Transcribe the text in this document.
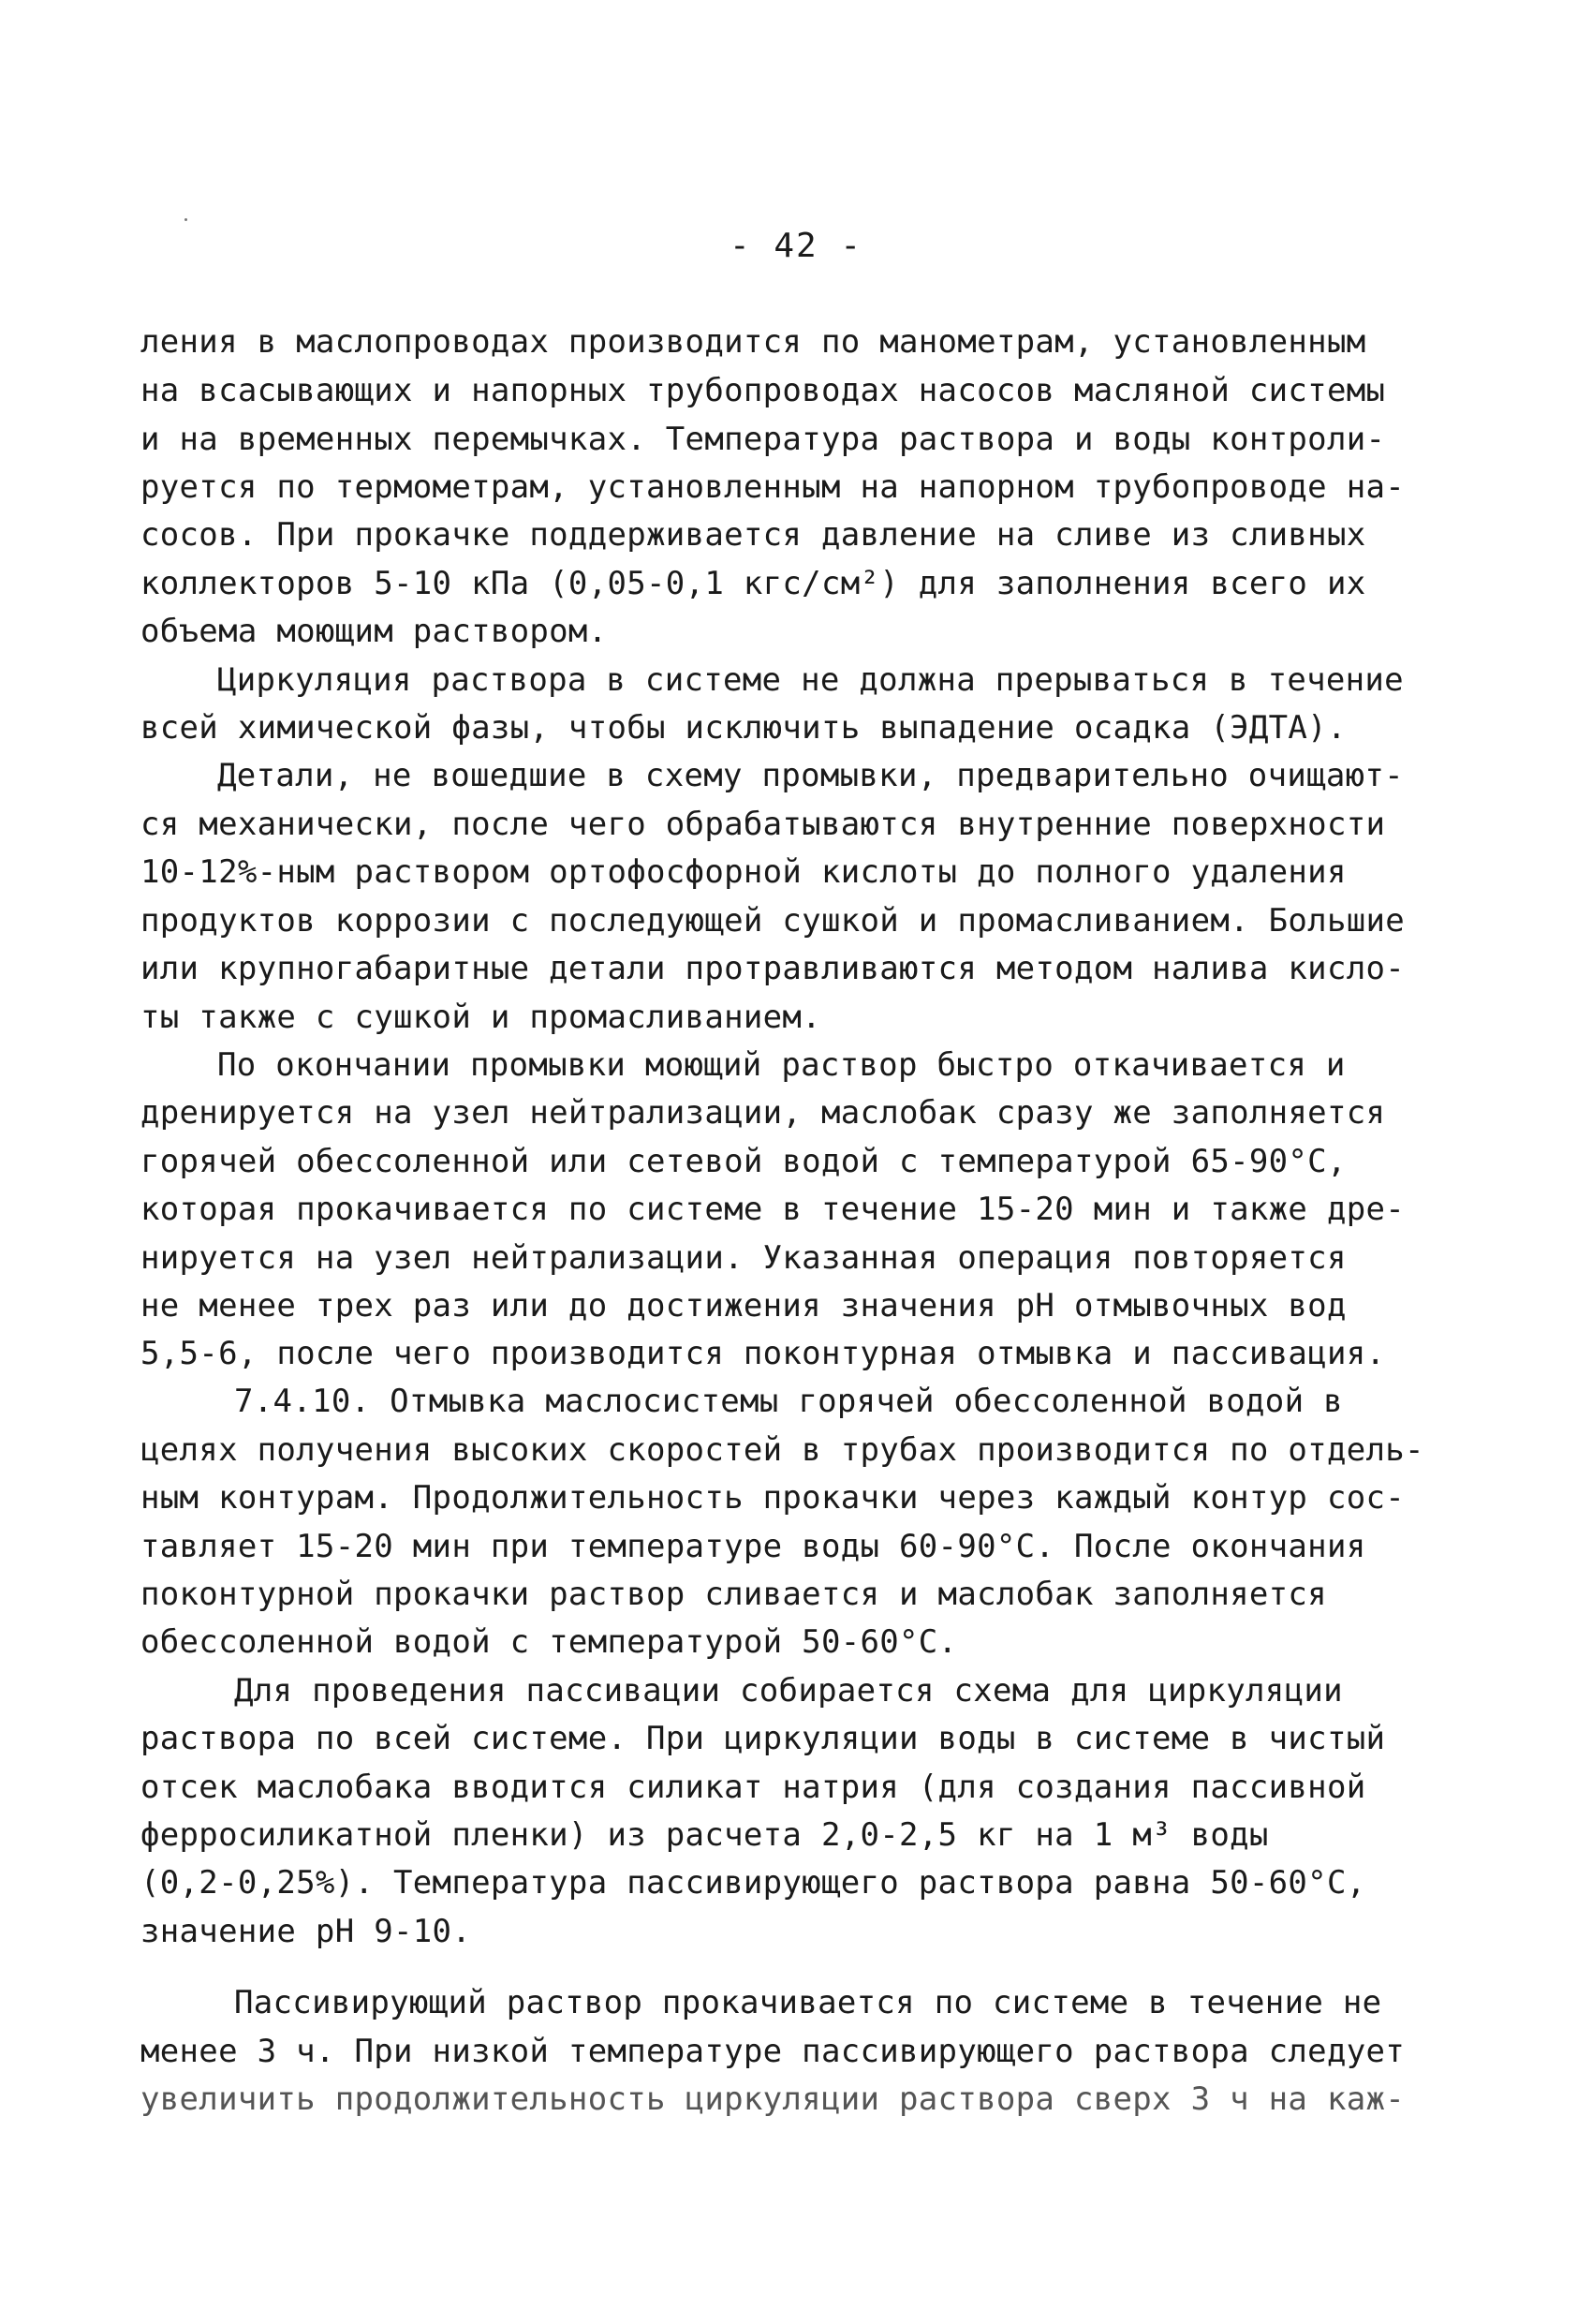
- 42 -
ления в маслопроводах производится по манометрам, установленным
на всасывающих и напорных трубопроводах насосов масляной системы
и на временных перемычках. Температура раствора и воды контроли-
руется по термометрам, установленным на напорном трубопроводе на-
сосов. При прокачке поддерживается давление на сливе из сливных
коллекторов 5-10 кПа (0,05-0,1 кгс/см²) для заполнения всего их
объема моющим раствором.
Циркуляция раствора в системе не должна прерываться в течение
всей химической фазы, чтобы исключить выпадение осадка (ЭДТА).
Детали, не вошедшие в схему промывки, предварительно очищают-
ся механически, после чего обрабатываются внутренние поверхности
10-12%-ным раствором ортофосфорной кислоты до полного удаления
продуктов коррозии с последующей сушкой и промасливанием. Большие
или крупногабаритные детали протравливаются методом налива кисло-
ты также с сушкой и промасливанием.
По окончании промывки моющий раствор быстро откачивается и
дренируется на узел нейтрализации, маслобак сразу же заполняется
горячей обессоленной или сетевой водой с температурой 65-90°С,
которая прокачивается по системе в течение 15-20 мин и также дре-
нируется на узел нейтрализации. Указанная операция повторяется
не менее трех раз или до достижения значения рН отмывочных вод
5,5-6, после чего производится поконтурная отмывка и пассивация.
7.4.10. Отмывка маслосистемы горячей обессоленной водой в
целях получения высоких скоростей в трубах производится по отдель-
ным контурам. Продолжительность прокачки через каждый контур сос-
тавляет 15-20 мин при температуре воды 60-90°С. После окончания
поконтурной прокачки раствор сливается и маслобак заполняется
обессоленной водой с температурой 50-60°С.
Для проведения пассивации собирается схема для циркуляции
раствора по всей системе. При циркуляции воды в системе в чистый
отсек маслобака вводится силикат натрия (для создания пассивной
ферросиликатной пленки) из расчета 2,0-2,5 кг на 1 м³ воды
(0,2-0,25%). Температура пассивирующего раствора равна 50-60°С,
значение рН 9-10.
Пассивирующий раствор прокачивается по системе в течение не
менее 3 ч. При низкой температуре пассивирующего раствора следует
увеличить продолжительность циркуляции раствора сверх 3 ч на каж-
